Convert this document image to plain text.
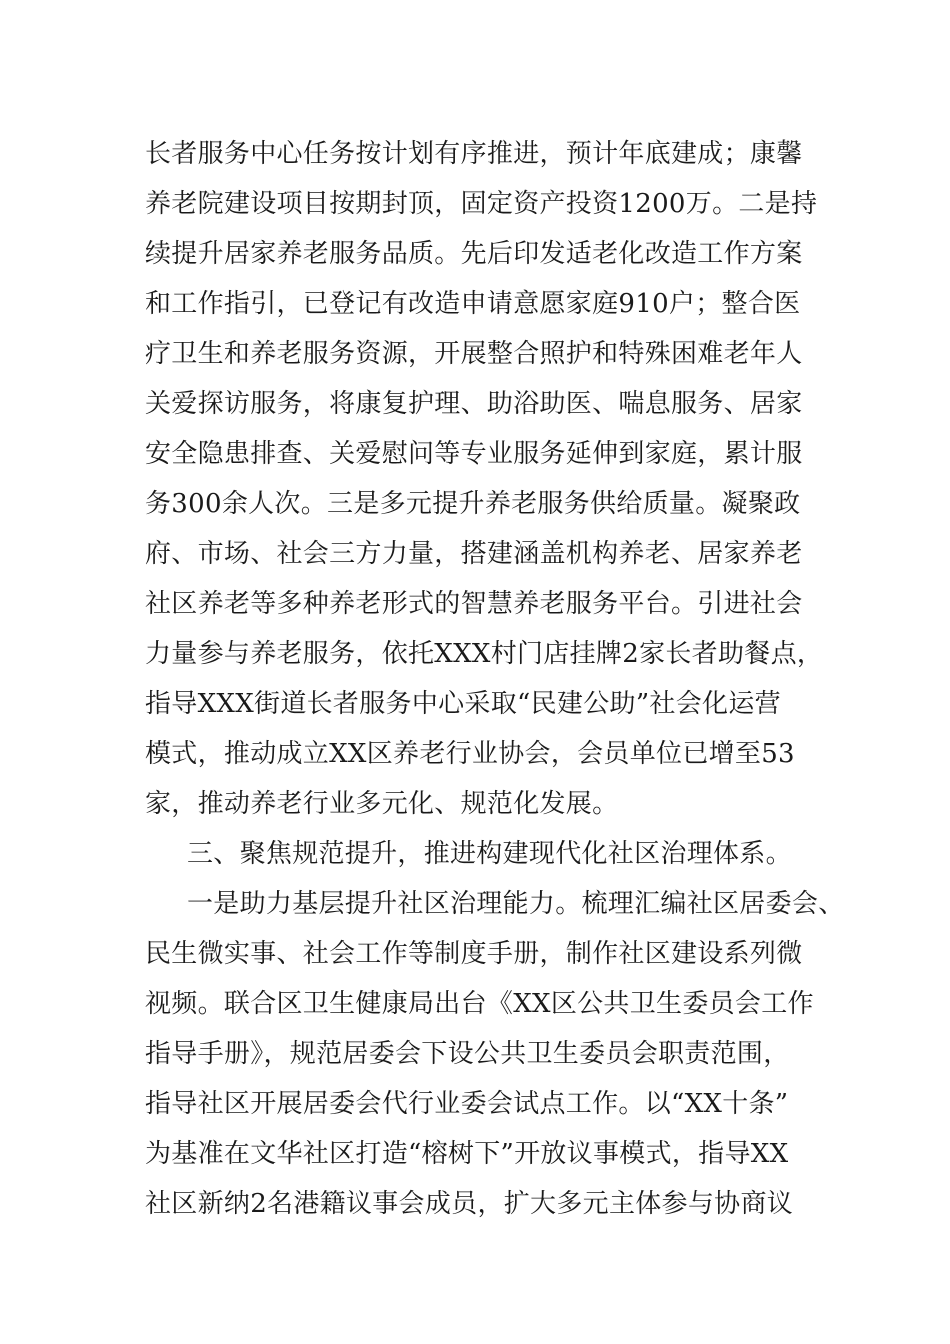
长者服务中心任务按计划有序推进，预计年底建成；康馨
养老院建设项目按期封顶，固定资产投资1200万。二是持
续提升居家养老服务品质。先后印发适老化改造工作方案
和工作指引，已登记有改造申请意愿家庭910户；整合医
疗卫生和养老服务资源，开展整合照护和特殊困难老年人
关爱探访服务，将康复护理、助浴助医、喘息服务、居家
安全隐患排查、关爱慰问等专业服务延伸到家庭，累计服
务300余人次。三是多元提升养老服务供给质量。凝聚政
府、市场、社会三方力量，搭建涵盖机构养老、居家养老
社区养老等多种养老形式的智慧养老服务平台。引进社会
力量参与养老服务，依托XXX村门店挂牌2家长者助餐点，
指导XXX街道长者服务中心采取“民建公助”社会化运营
模式，推动成立XX区养老行业协会，会员单位已增至53
家，推动养老行业多元化、规范化发展。
三、聚焦规范提升，推进构建现代化社区治理体系。
一是助力基层提升社区治理能力。梳理汇编社区居委会、
民生微实事、社会工作等制度手册，制作社区建设系列微
视频。联合区卫生健康局出台《XX区公共卫生委员会工作
指导手册》，规范居委会下设公共卫生委员会职责范围，
指导社区开展居委会代行业委会试点工作。以“XX十条”
为基准在文华社区打造“榕树下”开放议事模式，指导XX
社区新纳2名港籍议事会成员，扩大多元主体参与协商议
